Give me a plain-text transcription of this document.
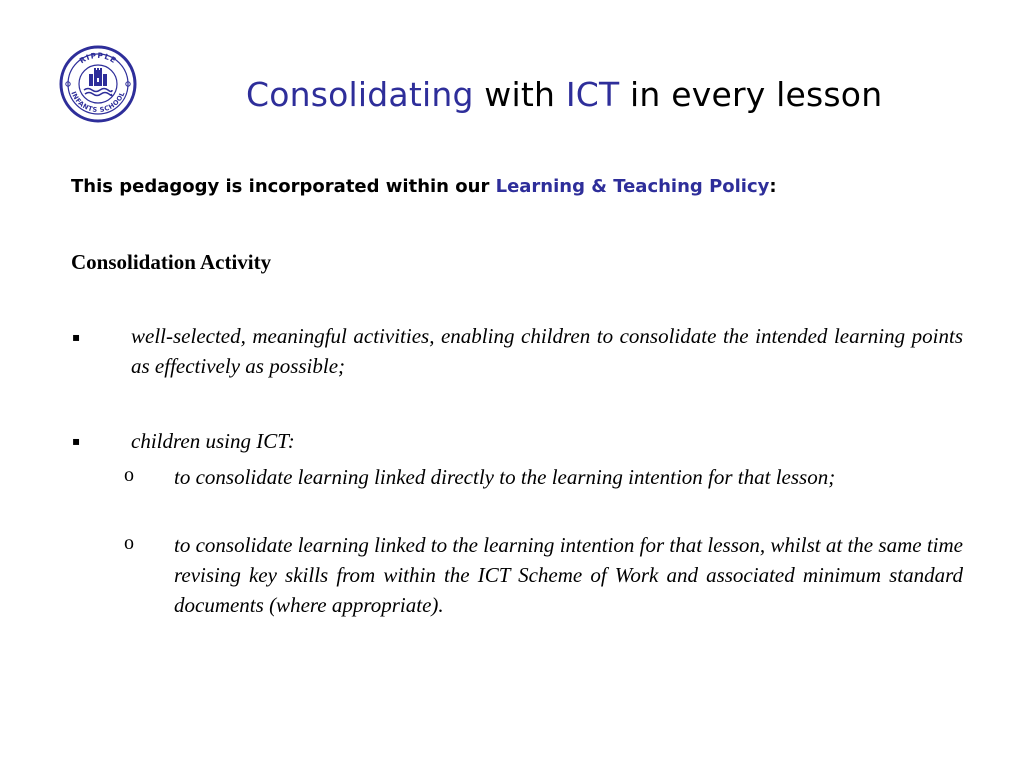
RIPPLE
INFANTS SCHOOL	Consolidating with ICT in every lesson
This pedagogy is incorporated within our Learning & Teaching Policy:
Consolidation Activity
▪ well-selected, meaningful activities, enabling children to consolidate the intended learning points as effectively as possible;
▪ children using ICT:
o to consolidate learning linked directly to the learning intention for that lesson;
o to consolidate learning linked to the learning intention for that lesson, whilst at the same time revising key skills from within the ICT Scheme of Work and associated minimum standard documents (where appropriate).
